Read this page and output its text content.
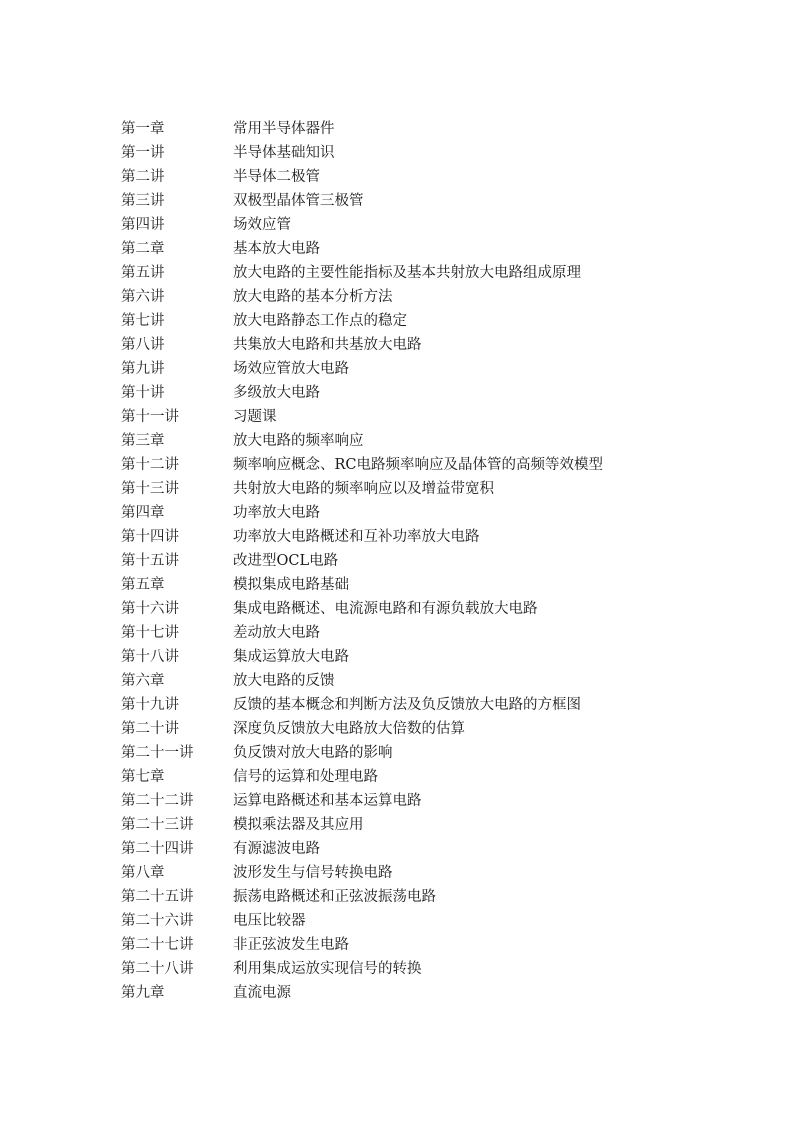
第一章	常用半导体器件
第一讲	半导体基础知识
第二讲	半导体二极管
第三讲	双极型晶体管三极管
第四讲	场效应管
第二章	基本放大电路
第五讲	放大电路的主要性能指标及基本共射放大电路组成原理
第六讲	放大电路的基本分析方法
第七讲	放大电路静态工作点的稳定
第八讲	共集放大电路和共基放大电路
第九讲	场效应管放大电路
第十讲	多级放大电路
第十一讲	习题课
第三章	放大电路的频率响应
第十二讲	频率响应概念、RC电路频率响应及晶体管的高频等效模型
第十三讲	共射放大电路的频率响应以及增益带宽积
第四章	功率放大电路
第十四讲	功率放大电路概述和互补功率放大电路
第十五讲	改进型OCL电路
第五章	模拟集成电路基础
第十六讲	集成电路概述、电流源电路和有源负载放大电路
第十七讲	差动放大电路
第十八讲	集成运算放大电路
第六章	放大电路的反馈
第十九讲	反馈的基本概念和判断方法及负反馈放大电路的方框图
第二十讲	深度负反馈放大电路放大倍数的估算
第二十一讲	负反馈对放大电路的影响
第七章	信号的运算和处理电路
第二十二讲	运算电路概述和基本运算电路
第二十三讲	模拟乘法器及其应用
第二十四讲	有源滤波电路
第八章	波形发生与信号转换电路
第二十五讲	振荡电路概述和正弦波振荡电路
第二十六讲	电压比较器
第二十七讲	非正弦波发生电路
第二十八讲	利用集成运放实现信号的转换
第九章	直流电源
